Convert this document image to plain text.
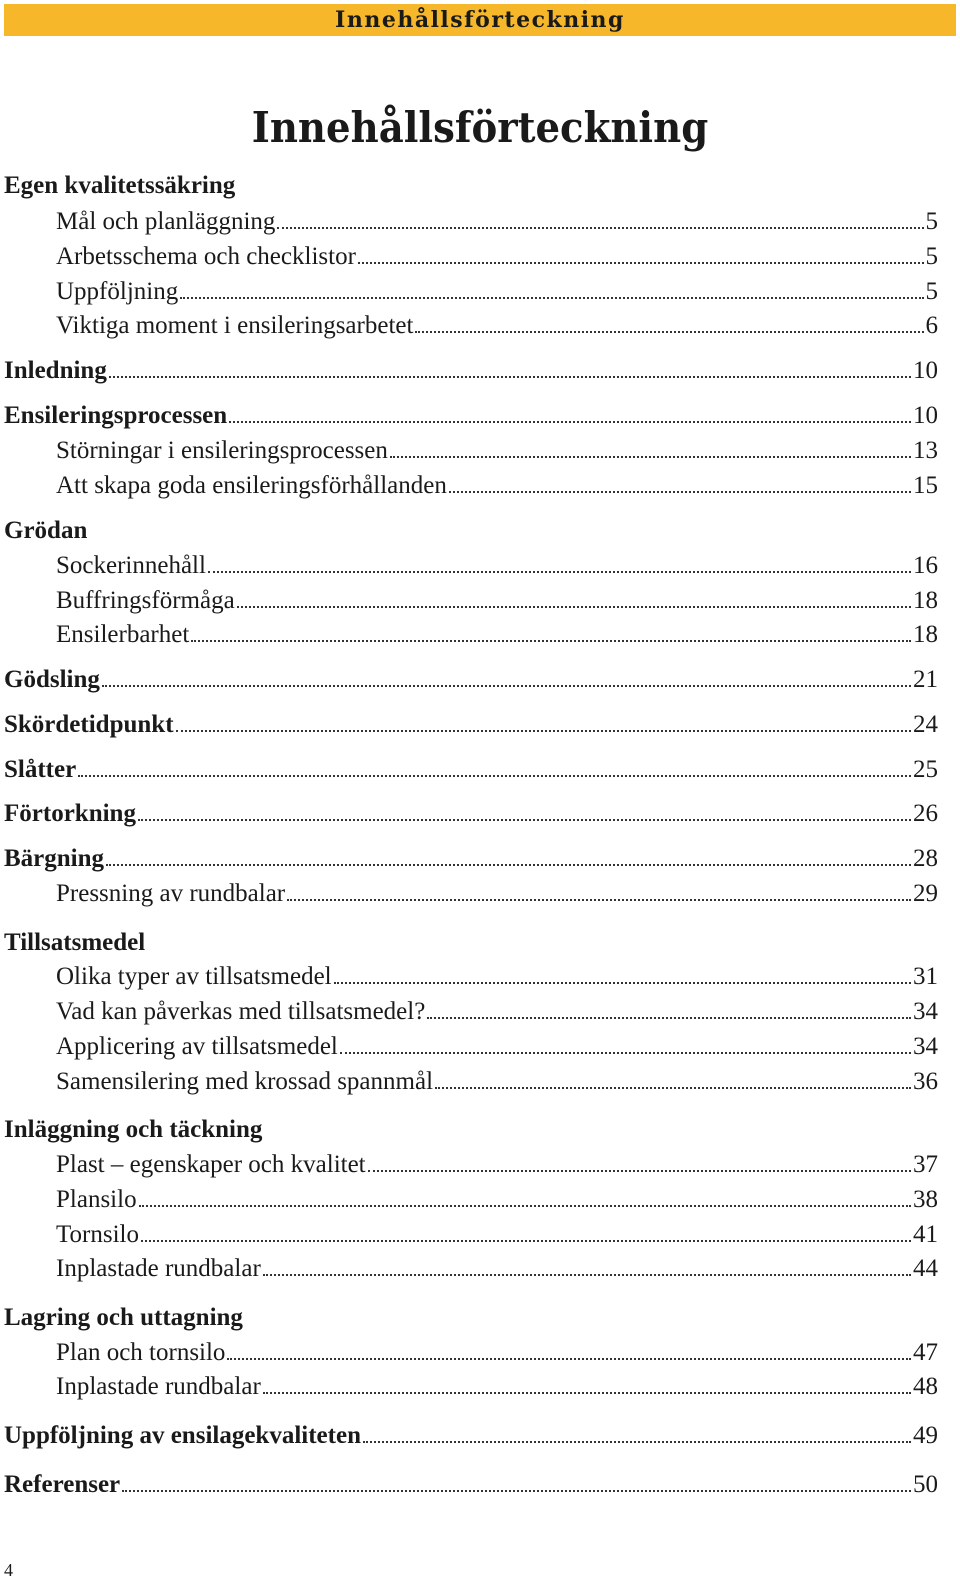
Innehållsförteckning
Innehållsförteckning
Egen kvalitetssäkring
Mål och planläggning	5
Arbetsschema och checklistor	5
Uppföljning	5
Viktiga moment i ensileringsarbetet	6
Inledning	10
Ensileringsprocessen	10
Störningar i ensileringsprocessen	13
Att skapa goda ensileringsförhållanden	15
Grödan
Sockerinnehåll	16
Buffringsförmåga	18
Ensilerbarhet	18
Gödsling	21
Skördetidpunkt	24
Slåtter	25
Förtorkning	26
Bärgning	28
Pressning av rundbalar	29
Tillsatsmedel
Olika typer av tillsatsmedel	31
Vad kan påverkas med tillsatsmedel?	34
Applicering av tillsatsmedel	34
Samensilering med krossad spannmål	36
Inläggning och täckning
Plast – egenskaper och kvalitet	37
Plansilo	38
Tornsilo	41
Inplastade rundbalar	44
Lagring och uttagning
Plan och tornsilo	47
Inplastade rundbalar	48
Uppföljning av ensilagekvaliteten	49
Referenser	50
4
